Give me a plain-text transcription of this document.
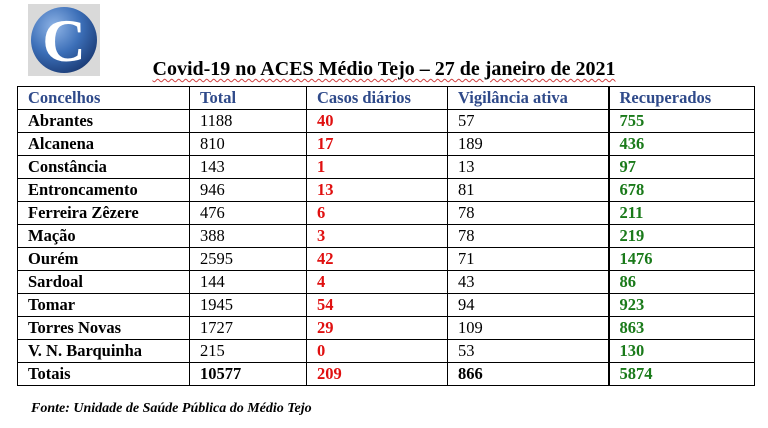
C	Covid-19 no ACES Médio Tejo – 27 de janeiro de 2021
Concelhos	Total	Casos diários	Vigilância ativa	Recuperados
Abrantes	1188	40	57	755
Alcanena	810	17	189	436
Constância	143	1	13	97
Entroncamento	946	13	81	678
Ferreira Zêzere	476	6	78	211
Mação	388	3	78	219
Ourém	2595	42	71	1476
Sardoal	144	4	43	86
Tomar	1945	54	94	923
Torres Novas	1727	29	109	863
V. N. Barquinha	215	0	53	130
Totais	10577	209	866	5874
Fonte: Unidade de Saúde Pública do Médio Tejo
